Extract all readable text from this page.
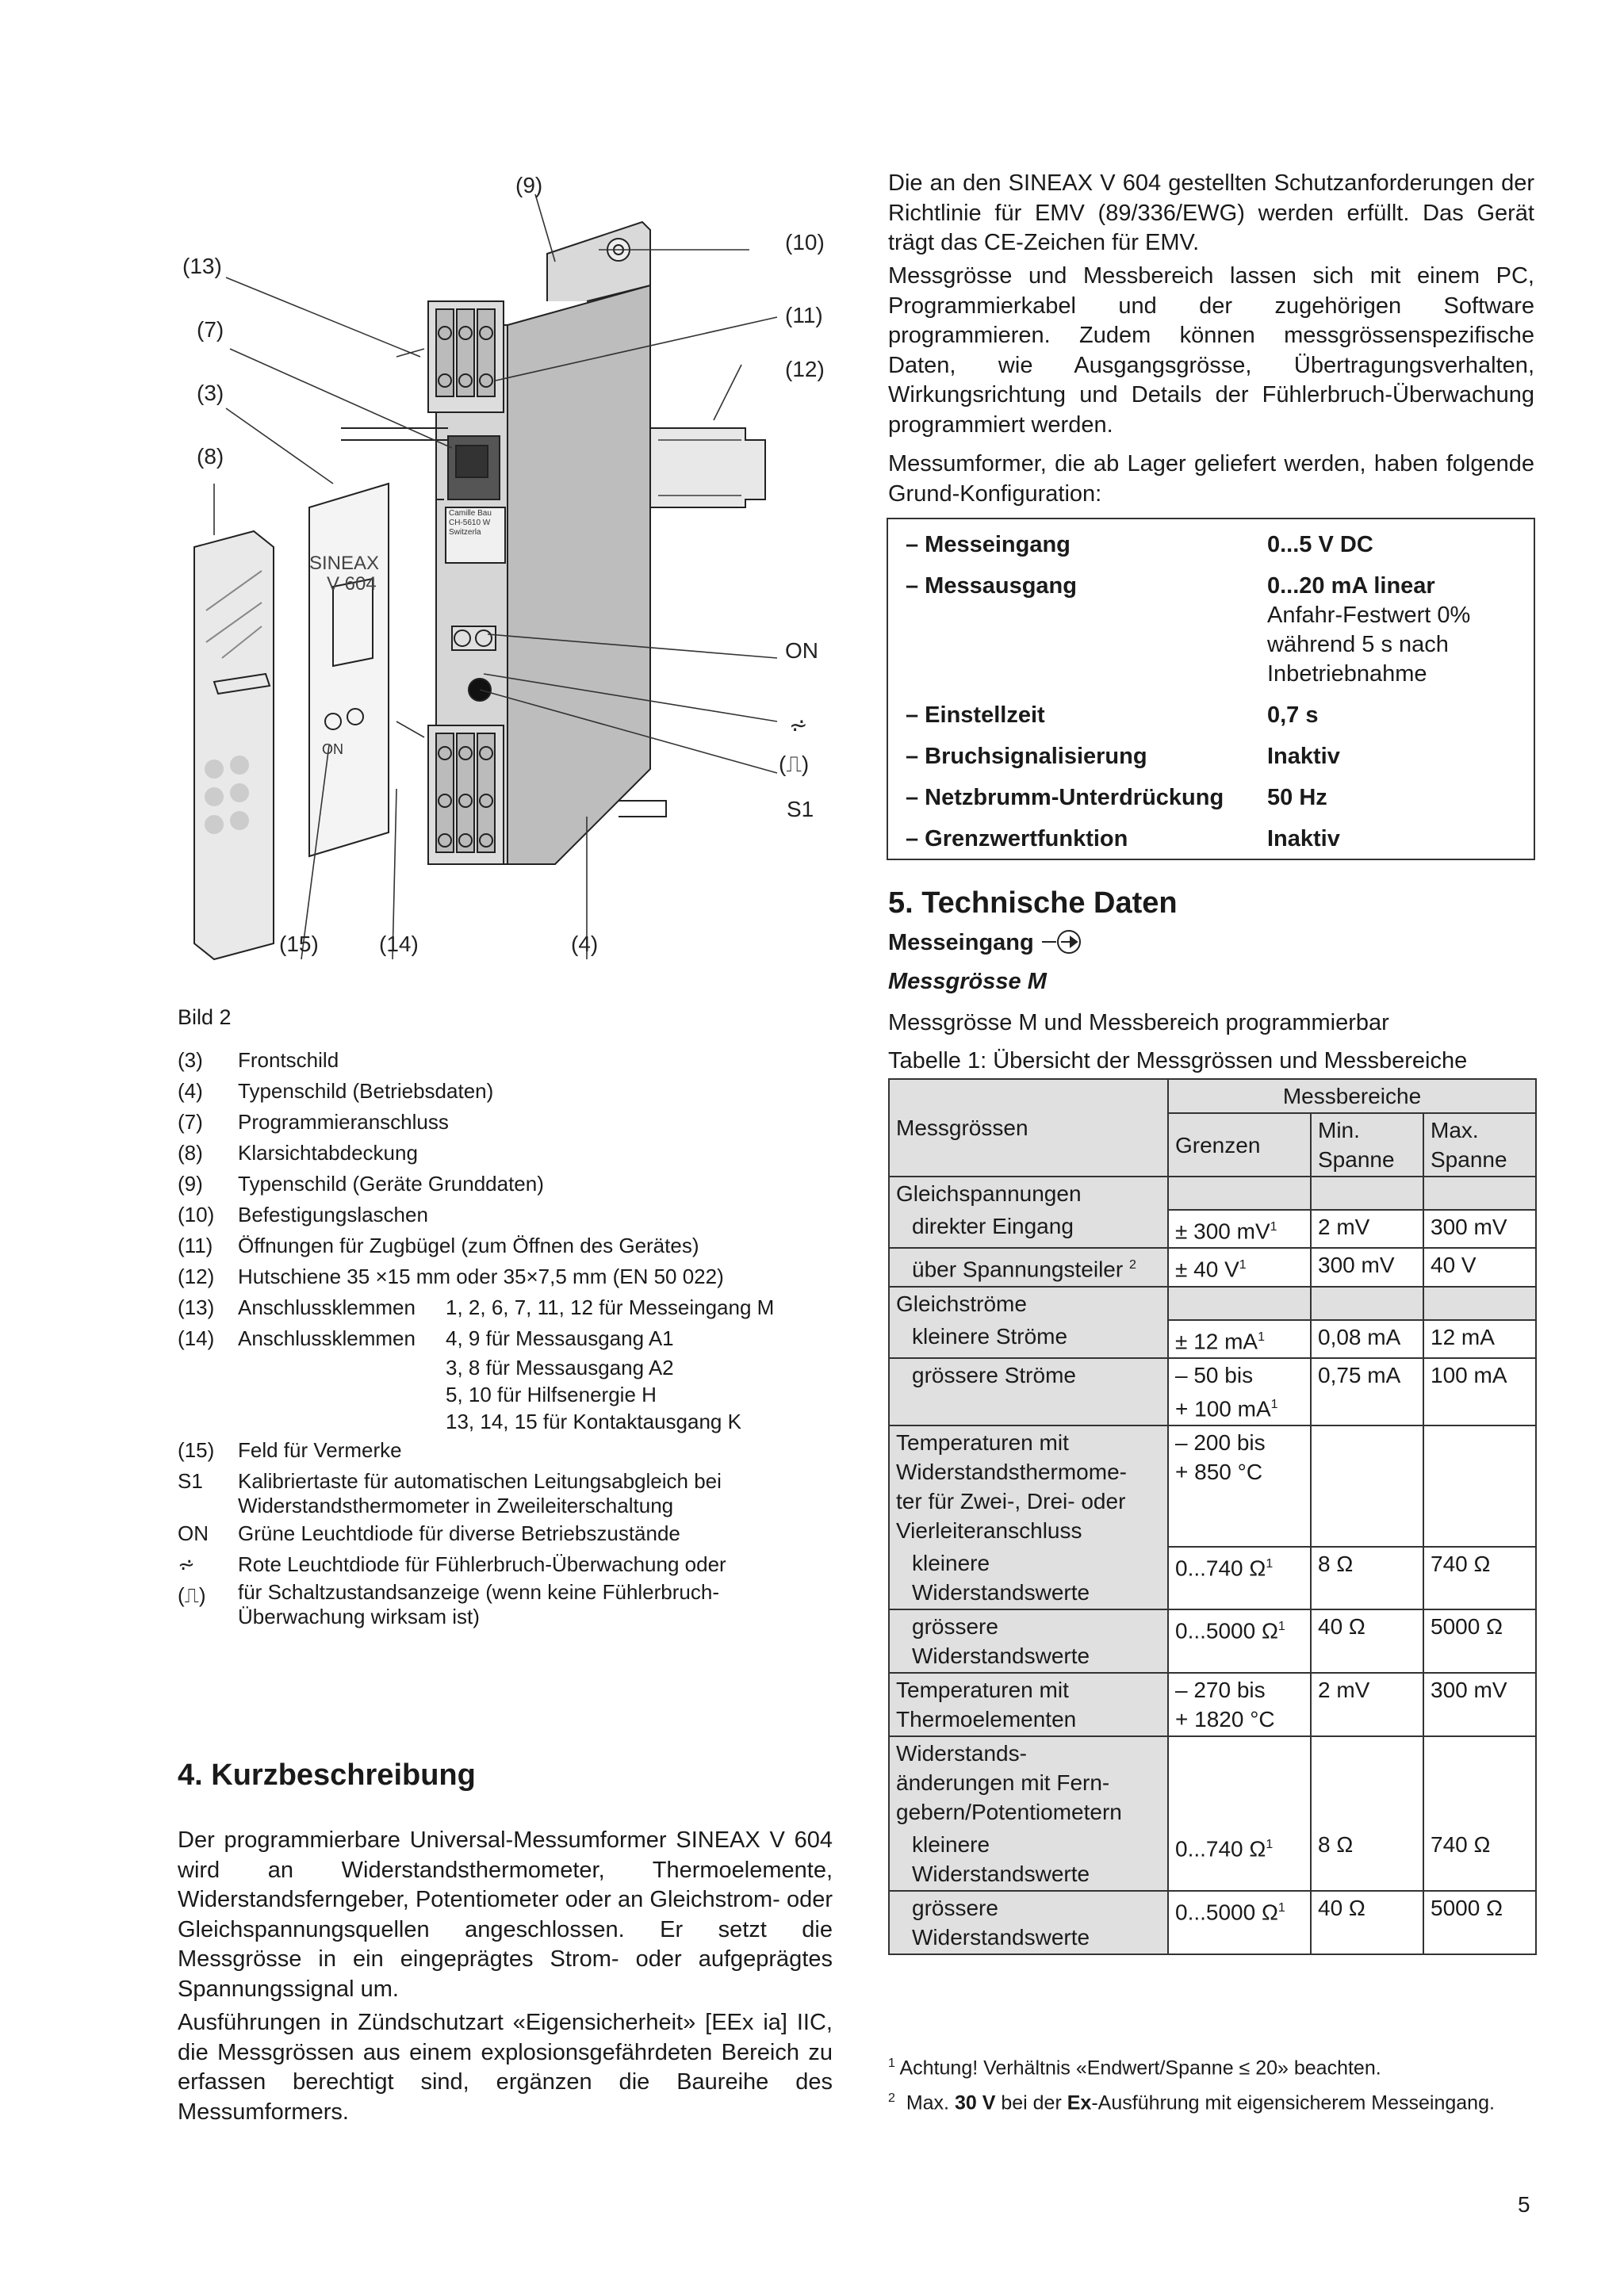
(9)
(10)
(13)
(11)
(7)
(12)
(3)
(8)
ON
⩫
(⎍)
S1
(15)	(14)	(4)
SINEAX
V 604
ON
Camille Bau
CH-5610 W
Switzerla
Bild 2
(3)	Frontschild
(4)	Typenschild (Betriebsdaten)
(7)	Programmieranschluss
(8)	Klarsichtabdeckung
(9)	Typenschild (Geräte Grunddaten)
(10)	Befestigungslaschen
(11)	Öffnungen für Zugbügel (zum Öffnen des Gerätes)
(12)	Hutschiene 35 ×15 mm oder 35×7,5 mm (EN 50 022)
(13)	Anschlussklemmen	1, 2, 6, 7, 11, 12 für Messeingang M
(14)	Anschlussklemmen	4, 9 für Messausgang A1
3, 8 für Messausgang A2
5, 10 für Hilfsenergie H
13, 14, 15 für Kontaktausgang K
(15)	Feld für Vermerke
S1	Kalibriertaste für automatischen Leitungsabgleich bei Widerstandsthermometer in Zweileiterschaltung
ON	Grüne Leuchtdiode für diverse Betriebszustände
⩫	Rote Leuchtdiode für Fühlerbruch-Überwachung oder
(⎍)	für Schaltzustandsanzeige (wenn keine Fühlerbruch-Überwachung wirksam ist)
4. Kurzbeschreibung
Der programmierbare Universal-Messumformer SINEAX V 604 wird an Widerstandsthermometer, Thermoelemente, Widerstandsferngeber, Potentiometer oder an Gleichstrom- oder Gleichspannungsquellen angeschlossen. Er setzt die Messgrösse in ein eingeprägtes Strom- oder aufgeprägtes Spannungssignal um.
Ausführungen in Zündschutzart «Eigensicherheit» [EEx ia] IIC, die Messgrössen aus einem explosionsgefährdeten Bereich zu erfassen berechtigt sind, ergänzen die Baureihe des Messumformers.
Die an den SINEAX V 604 gestellten Schutzanforderungen der Richtlinie für EMV (89/336/EWG) werden erfüllt. Das Gerät trägt das CE-Zeichen für EMV.
Messgrösse und Messbereich lassen sich mit einem PC, Programmierkabel und der zugehörigen Software programmieren. Zudem können messgrössenspezifische Daten, wie Ausgangsgrösse, Übertragungsverhalten, Wirkungsrichtung und Details der Fühlerbruch-Überwachung programmiert werden.
Messumformer, die ab Lager geliefert werden, haben folgende Grund-Konfiguration:
– Messeingang	0...5 V DC
– Messausgang	0...20 mA linear
Anfahr-Festwert 0%
während 5 s nach
Inbetriebnahme
– Einstellzeit	0,7 s
– Bruchsignalisierung	Inaktiv
– Netzbrumm-Unterdrückung	50 Hz
– Grenzwertfunktion	Inaktiv
5. Technische Daten
Messeingang
Messgrösse M
Messgrösse M und Messbereich programmierbar
Tabelle 1: Übersicht der Messgrössen und Messbereiche
Messgrössen	Messbereiche		
	Grenzen	Min. Spanne	Max. Spanne
Gleichspannungen			
direkter Eingang	± 300 $mV^1$	2 mV	300 mV
über Spannungsteiler $^2$	± 40 $V^1$	300 mV	40 V
Gleichströme			
kleinere Ströme	± 12 $mA^1$	0,08 mA	12 mA
grössere Ströme	– 50 bis
+ 100 $mA^1$	0,75 mA	100 mA
Temperaturen mit
Widerstandsthermome-
ter für Zwei-, Drei- oder
Vierleiteranschluss	– 200 bis
+ 850 °C		
kleinere
Widerstandswerte	0...740 $\Omega^1$	8 Ω	740 Ω
grössere
Widerstandswerte	0...5000 $\Omega^1$	40 Ω	5000 Ω
Temperaturen mit
Thermoelementen	– 270 bis
+ 1820 °C	2 mV	300 mV
Widerstands-
änderungen mit Fern-
gebern/Potentiometern			
kleinere
Widerstandswerte	0...740 $\Omega^1$	8 Ω	740 Ω
grössere
Widerstandswerte	0...5000 $\Omega^1$	40 Ω	5000 Ω
$^1$ Achtung! Verhältnis «Endwert/Spanne ≤ 20» beachten.
$^2$ Max. 30 V bei der Ex-Ausführung mit eigensicherem Messeingang.
5
